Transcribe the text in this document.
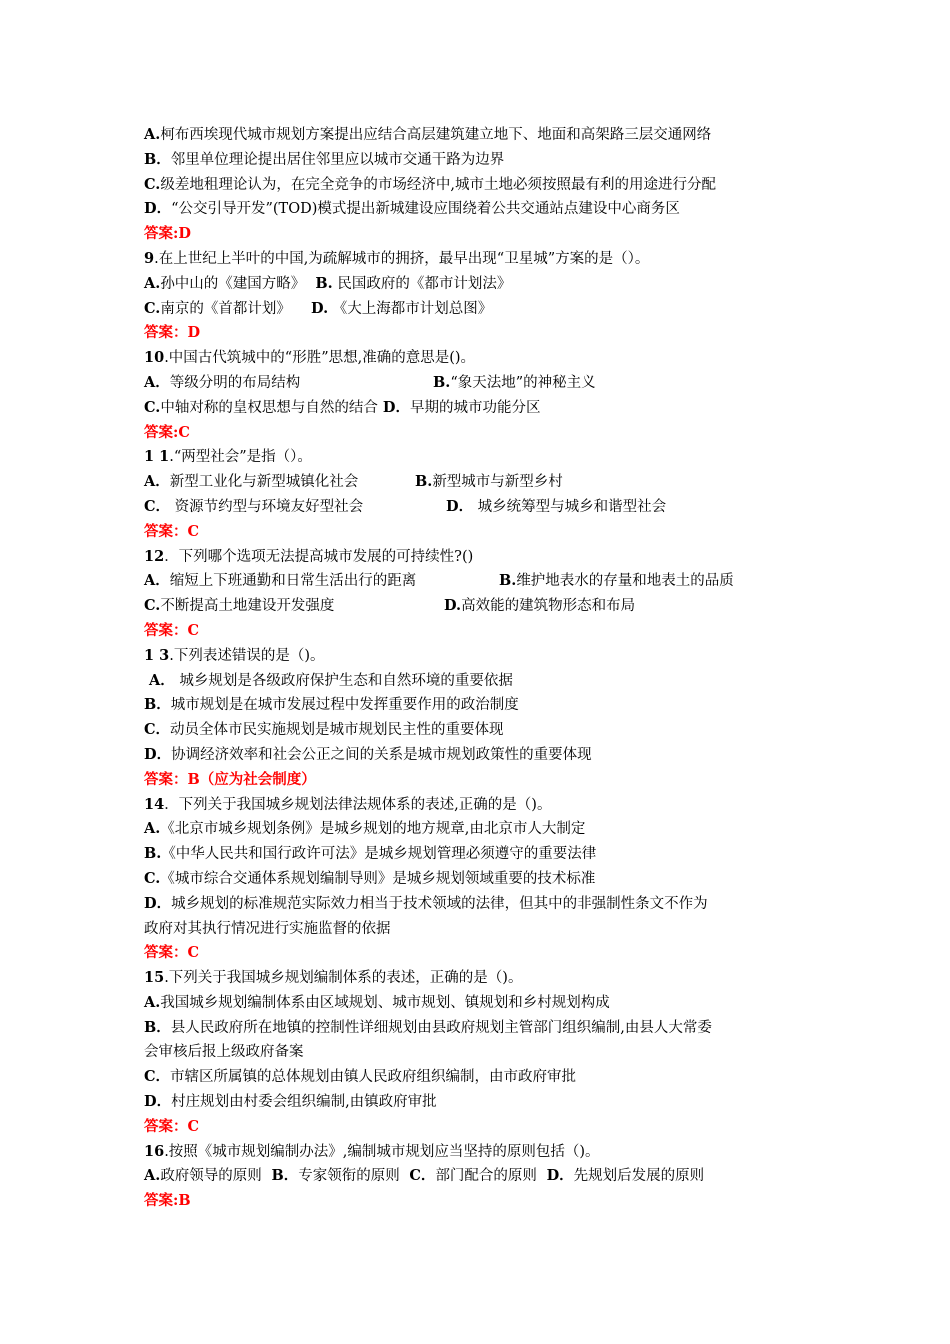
A.柯布西埃现代城市规划方案提出应结合高层建筑建立地下、地面和高架路三层交通网络
B．邻里单位理论提出居住邻里应以城市交通干路为边界
C.级差地租理论认为，在完全竞争的市场经济中,城市土地必须按照最有利的用途进行分配
D．“公交引导开发”(TOD)模式提出新城建设应围绕着公共交通站点建设中心商务区
答案:D
9.在上世纪上半叶的中国,为疏解城市的拥挤，最早出现“卫星城”方案的是（）。
A.孙中山的《建国方略》  B. 民国政府的《都市计划法》
C.南京的《首都计划》    D. 《大上海都市计划总图》
答案：D
10.中国古代筑城中的“形胜”思想,准确的意思是()。
A．等级分明的布局结构	B.“象天法地”的神秘主义
C.中轴对称的皇权思想与自然的结合 D．早期的城市功能分区
答案:C
1 1.“两型社会”是指（）。
A．新型工业化与新型城镇化社会	B.新型城市与新型乡村
C． 资源节约型与环境友好型社会	D． 城乡统筹型与城乡和谐型社会
答案：C
12．下列哪个选项无法提高城市发展的可持续性?()
A．缩短上下班通勤和日常生活出行的距离	B.维护地表水的存量和地表土的品质
C.不断提高土地建设开发强度	D.高效能的建筑物形态和布局
答案：C
1 3.下列表述错误的是（)。
A． 城乡规划是各级政府保护生态和自然环境的重要依据
B．城市规划是在城市发展过程中发挥重要作用的政治制度
C．动员全体市民实施规划是城市规划民主性的重要体现
D．协调经济效率和社会公正之间的关系是城市规划政策性的重要体现
答案：B（应为社会制度）
14．下列关于我国城乡规划法律法规体系的表述,正确的是（)。
A.《北京市城乡规划条例》是城乡规划的地方规章,由北京市人大制定
B.《中华人民共和国行政许可法》是城乡规划管理必须遵守的重要法律
C.《城市综合交通体系规划编制导则》是城乡规划领域重要的技术标准
D．城乡规划的标准规范实际效力相当于技术领域的法律，但其中的非强制性条文不作为
政府对其执行情况进行实施监督的依据
答案：C
15.下列关于我国城乡规划编制体系的表述，正确的是（)。
A.我国城乡规划编制体系由区域规划、城市规划、镇规划和乡村规划构成
B．县人民政府所在地镇的控制性详细规划由县政府规划主管部门组织编制,由县人大常委
会审核后报上级政府备案
C．市辖区所属镇的总体规划由镇人民政府组织编制，由市政府审批
D．村庄规划由村委会组织编制,由镇政府审批
答案：C
16.按照《城市规划编制办法》,编制城市规划应当坚持的原则包括（)。
A.政府领导的原则  B．专家领衔的原则  C．部门配合的原则  D．先规划后发展的原则
答案:B
